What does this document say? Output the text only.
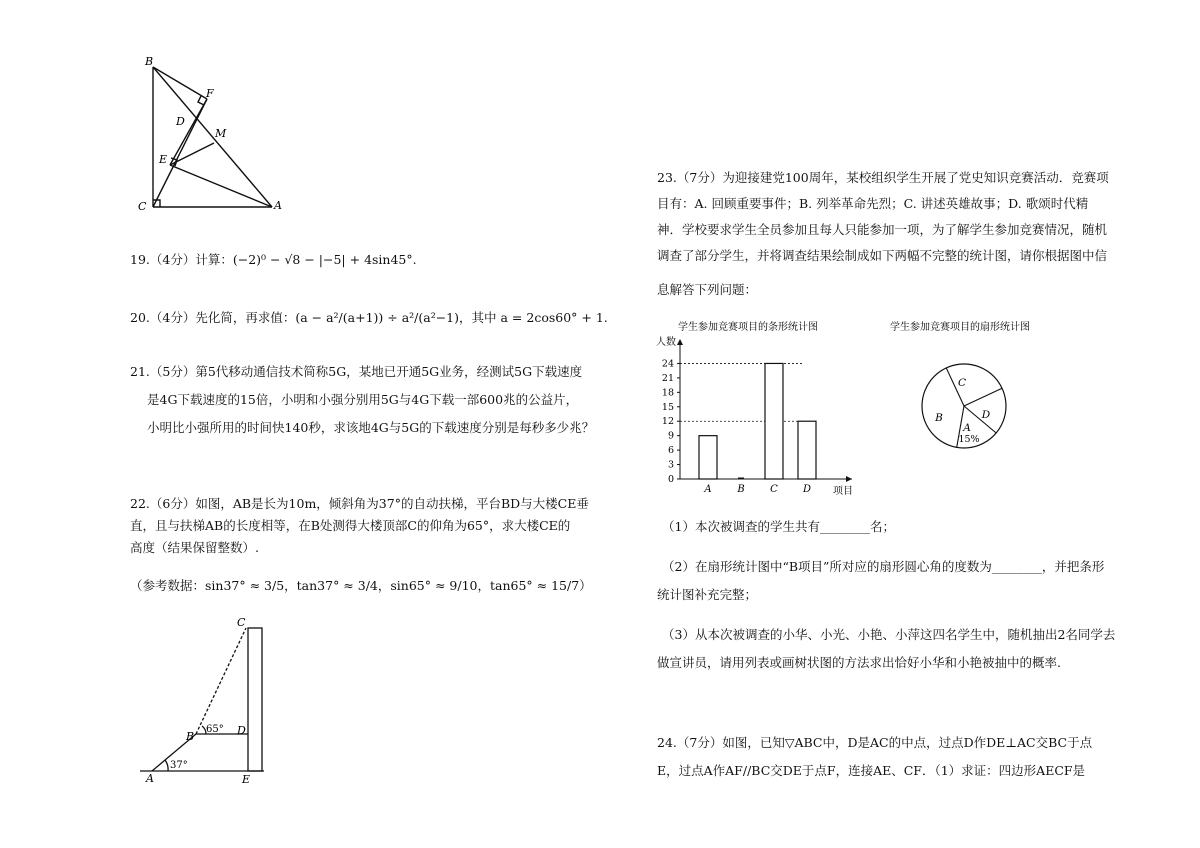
B
F
D
M
E
C	A
19.（4分）计算：(−2)⁰ − √8 − |−5| + 4sin45°.
20.（4分）先化简，再求值：(a − a²/(a+1)) ÷ a²/(a²−1)，其中 a = 2cos60° + 1.
21.（5分）第5代移动通信技术简称5G，某地已开通5G业务，经测试5G下载速度
是4G下载速度的15倍，小明和小强分别用5G与4G下载一部600兆的公益片，
小明比小强所用的时间快140秒，求该地4G与5G的下载速度分别是每秒多少兆？
22.（6分）如图，AB是长为10m，倾斜角为37°的自动扶梯，平台BD与大楼CE垂
直，且与扶梯AB的长度相等，在B处测得大楼顶部C的仰角为65°，求大楼CE的
高度（结果保留整数）.
（参考数据：sin37° ≈ 3/5，tan37° ≈ 3/4，sin65° ≈ 9/10，tan65° ≈ 15/7）
C
B	D
A	E
65°
37°
23.（7分）为迎接建党100周年，某校组织学生开展了党史知识竞赛活动．竞赛项
目有：A. 回顾重要事件；B. 列举革命先烈；C. 讲述英雄故事；D. 歌颂时代精
神．学校要求学生全员参加且每人只能参加一项，为了解学生参加竞赛情况，随机
调查了部分学生，并将调查结果绘制成如下两幅不完整的统计图，请你根据图中信
息解答下列问题：
学生参加竞赛项目的条形统计图
人数
0
3
6
9
12
15
18
21
24
A	B	C	D 项目
学生参加竞赛项目的扇形统计图
A
B
C
D
15%
（1）本次被调查的学生共有________名；
（2）在扇形统计图中“B项目”所对应的扇形圆心角的度数为________，并把条形
统计图补充完整；
（3）从本次被调查的小华、小光、小艳、小萍这四名学生中，随机抽出2名同学去
做宣讲员，请用列表或画树状图的方法求出恰好小华和小艳被抽中的概率.
24.（7分）如图，已知▽ABC中，D是AC的中点，过点D作DE⊥AC交BC于点
E，过点A作AF//BC交DE于点F，连接AE、CF．（1）求证：四边形AECF是
